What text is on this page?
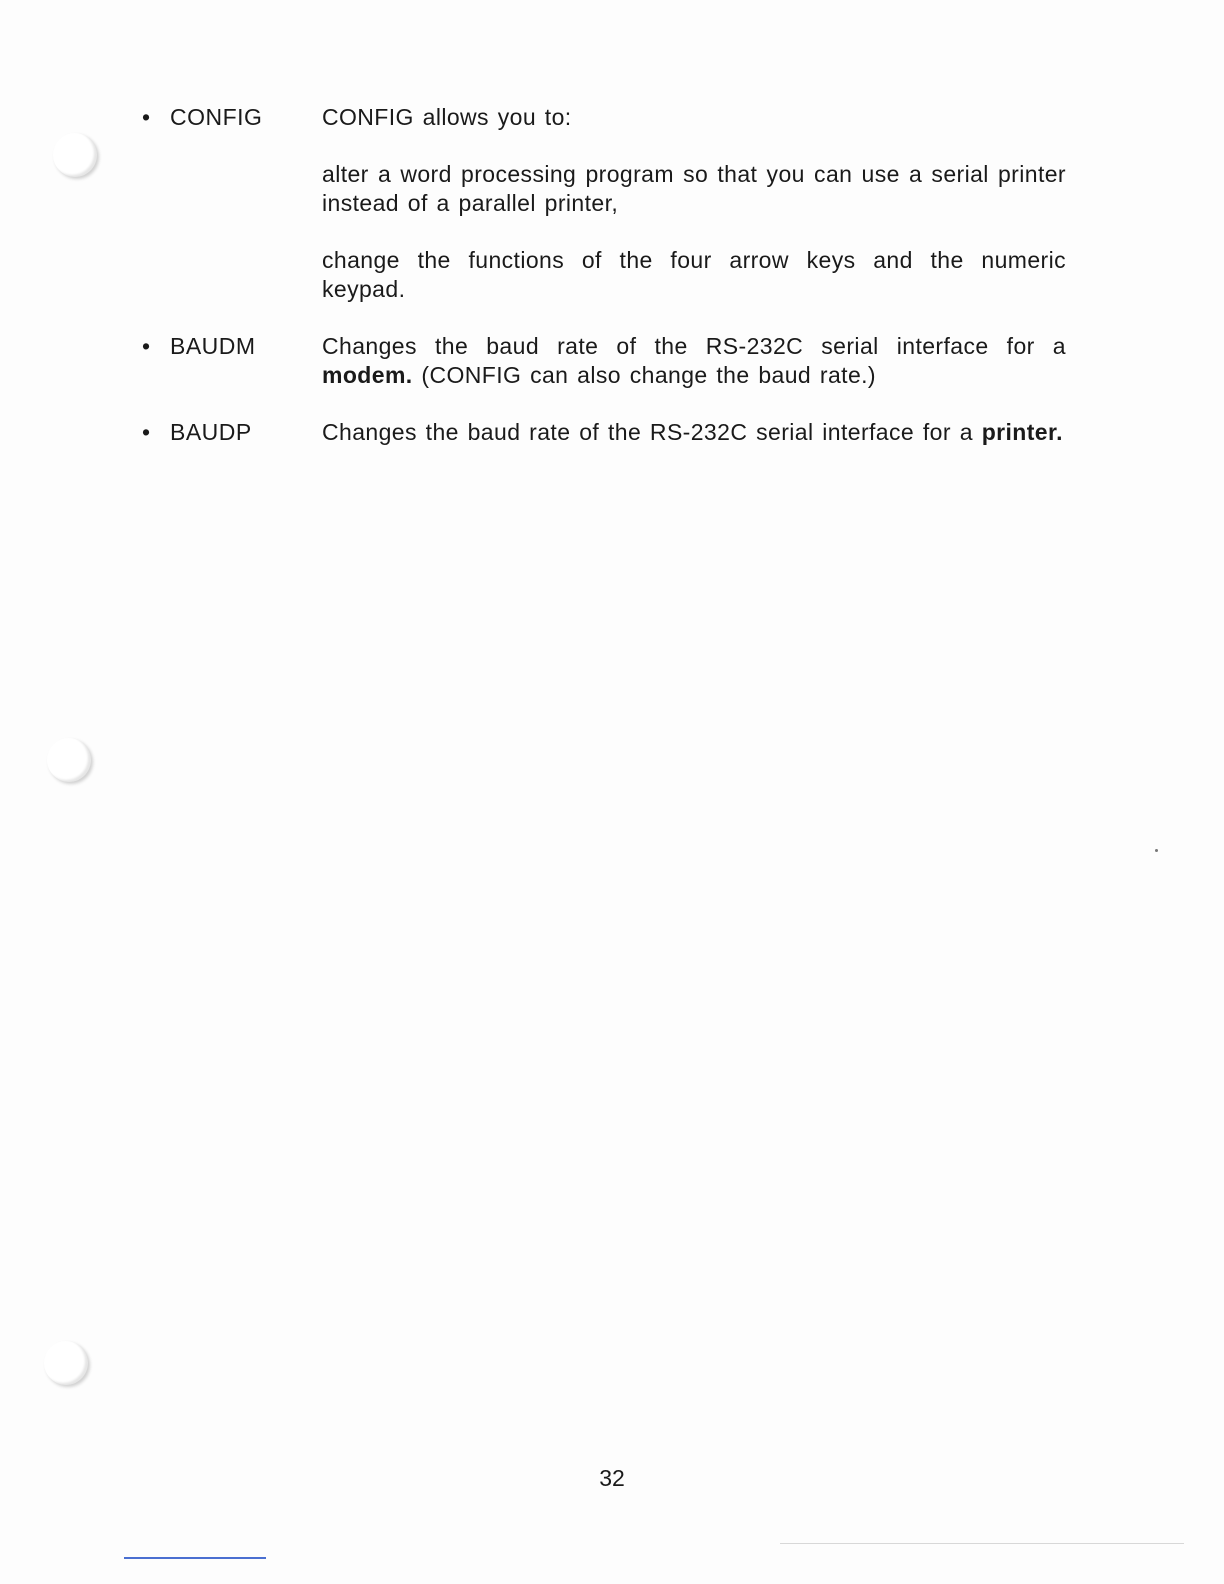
• CONFIG	CONFIG allows you to:

alter a word processing program so that you can use a serial printer instead of a parallel printer,

change the functions of the four arrow keys and the numeric keypad.

• BAUDM	Changes the baud rate of the RS-232C serial interface for a modem. (CONFIG can also change the baud rate.)

• BAUDP	Changes the baud rate of the RS-232C serial interface for a printer.

32
